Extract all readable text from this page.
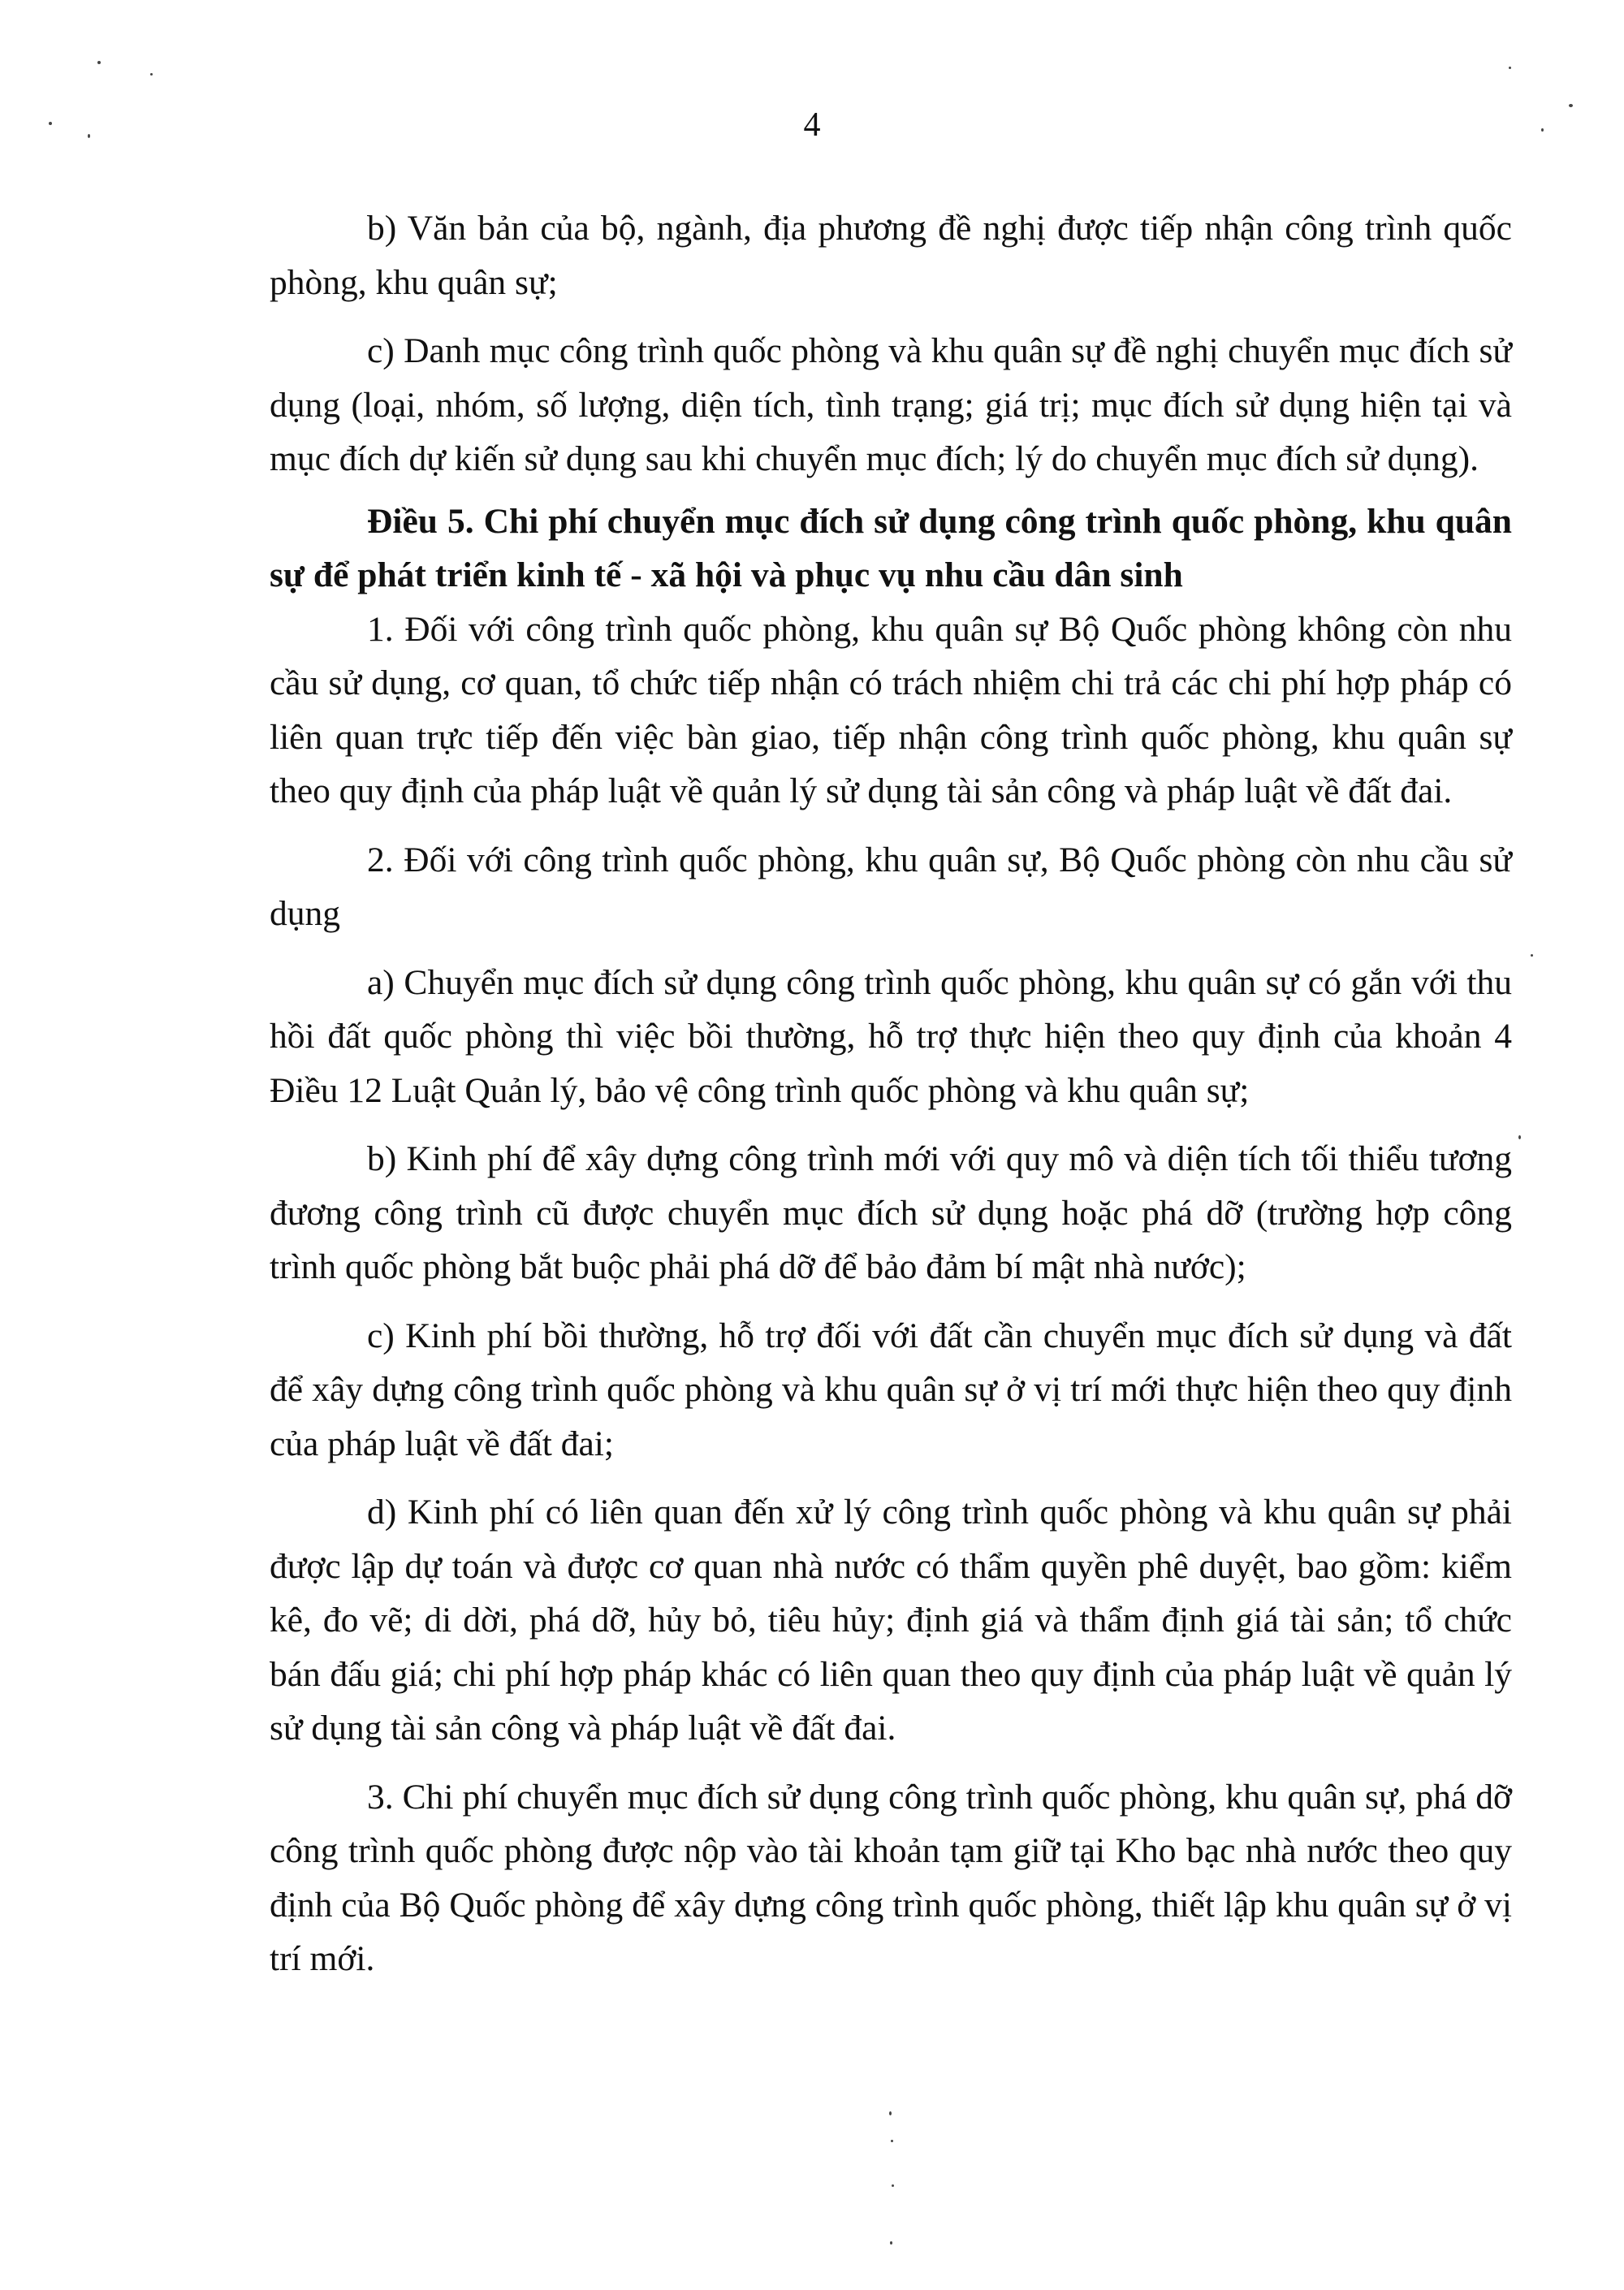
4

b) Văn bản của bộ, ngành, địa phương đề nghị được tiếp nhận công trình quốc phòng, khu quân sự;

c) Danh mục công trình quốc phòng và khu quân sự đề nghị chuyển mục đích sử dụng (loại, nhóm, số lượng, diện tích, tình trạng; giá trị; mục đích sử dụng hiện tại và mục đích dự kiến sử dụng sau khi chuyển mục đích; lý do chuyển mục đích sử dụng).

Điều 5. Chi phí chuyển mục đích sử dụng công trình quốc phòng, khu quân sự để phát triển kinh tế - xã hội và phục vụ nhu cầu dân sinh

1. Đối với công trình quốc phòng, khu quân sự Bộ Quốc phòng không còn nhu cầu sử dụng, cơ quan, tổ chức tiếp nhận có trách nhiệm chi trả các chi phí hợp pháp có liên quan trực tiếp đến việc bàn giao, tiếp nhận công trình quốc phòng, khu quân sự theo quy định của pháp luật về quản lý sử dụng tài sản công và pháp luật về đất đai.

2. Đối với công trình quốc phòng, khu quân sự, Bộ Quốc phòng còn nhu cầu sử dụng

a) Chuyển mục đích sử dụng công trình quốc phòng, khu quân sự có gắn với thu hồi đất quốc phòng thì việc bồi thường, hỗ trợ thực hiện theo quy định của khoản 4 Điều 12 Luật Quản lý, bảo vệ công trình quốc phòng và khu quân sự;

b) Kinh phí để xây dựng công trình mới với quy mô và diện tích tối thiểu tương đương công trình cũ được chuyển mục đích sử dụng hoặc phá dỡ (trường hợp công trình quốc phòng bắt buộc phải phá dỡ để bảo đảm bí mật nhà nước);

c) Kinh phí bồi thường, hỗ trợ đối với đất cần chuyển mục đích sử dụng và đất để xây dựng công trình quốc phòng và khu quân sự ở vị trí mới thực hiện theo quy định của pháp luật về đất đai;

d) Kinh phí có liên quan đến xử lý công trình quốc phòng và khu quân sự phải được lập dự toán và được cơ quan nhà nước có thẩm quyền phê duyệt, bao gồm: kiểm kê, đo vẽ; di dời, phá dỡ, hủy bỏ, tiêu hủy; định giá và thẩm định giá tài sản; tổ chức bán đấu giá; chi phí hợp pháp khác có liên quan theo quy định của pháp luật về quản lý sử dụng tài sản công và pháp luật về đất đai.

3. Chi phí chuyển mục đích sử dụng công trình quốc phòng, khu quân sự, phá dỡ công trình quốc phòng được nộp vào tài khoản tạm giữ tại Kho bạc nhà nước theo quy định của Bộ Quốc phòng để xây dựng công trình quốc phòng, thiết lập khu quân sự ở vị trí mới.
